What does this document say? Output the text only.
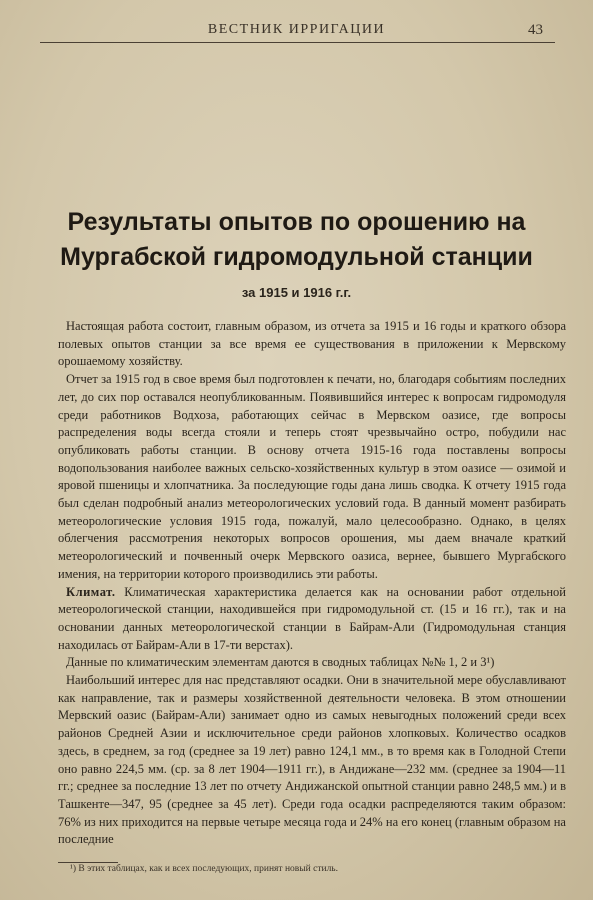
ВЕСТНИК ИРРИГАЦИИ	43
Результаты опытов по орошению на Мургабской гидромодульной станции
за 1915 и 1916 г.г.

Настоящая работа состоит, главным образом, из отчета за 1915 и 16 годы и краткого обзора полевых опытов станции за все время ее существования в приложении к Мервскому орошаемому хозяйству.

Отчет за 1915 год в свое время был подготовлен к печати, но, благодаря событиям последних лет, до сих пор оставался неопубликованным. Появившийся интерес к вопросам гидромодуля среди работников Водхоза, работающих сейчас в Мервском оазисе, где вопросы распределения воды всегда стояли и теперь стоят чрезвычайно остро, побудили нас опубликовать работы станции. В основу отчета 1915-16 года поставлены вопросы водопользования наиболее важных сельско-хозяйственных культур в этом оазисе — озимой и яровой пшеницы и хлопчатника. За последующие годы дана лишь сводка. К отчету 1915 года был сделан подробный анализ метеорологических условий года. В данный момент разбирать метеорологические условия 1915 года, пожалуй, мало целесообразно. Однако, в целях облегчения рассмотрения некоторых вопросов орошения, мы даем вначале краткий метеорологический и почвенный очерк Мервского оазиса, вернее, бывшего Мургабского имения, на территории которого производились эти работы.

Климат. Климатическая характеристика делается как на основании работ отдельной метеорологической станции, находившейся при гидромодульной ст. (15 и 16 гг.), так и на основании данных метеорологической станции в Байрам-Али (Гидромодульная станция находилась от Байрам-Али в 17-ти верстах).

Данные по климатическим элементам даются в сводных таблицах №№ 1, 2 и 3¹)

Наибольший интерес для нас представляют осадки. Они в значительной мере обуславливают как направление, так и размеры хозяйственной деятельности человека. В этом отношении Мервский оазис (Байрам-Али) занимает одно из самых невыгодных положений среди всех районов Средней Азии и исключительное среди районов хлопковых. Количество осадков здесь, в среднем, за год (среднее за 19 лет) равно 124,1 мм., в то время как в Голодной Степи оно равно 224,5 мм. (ср. за 8 лет 1904—1911 гг.), в Андижане—232 мм. (среднее за 1904—11 гг.; среднее за последние 13 лет по отчету Андижанской опытной станции равно 248,5 мм.) и в Ташкенте—347, 95 (среднее за 45 лет). Среди года осадки распределяются таким образом: 76% из них приходится на первые четыре месяца года и 24% на его конец (главным образом на последние

¹) В этих таблицах, как и всех последующих, принят новый стиль.
